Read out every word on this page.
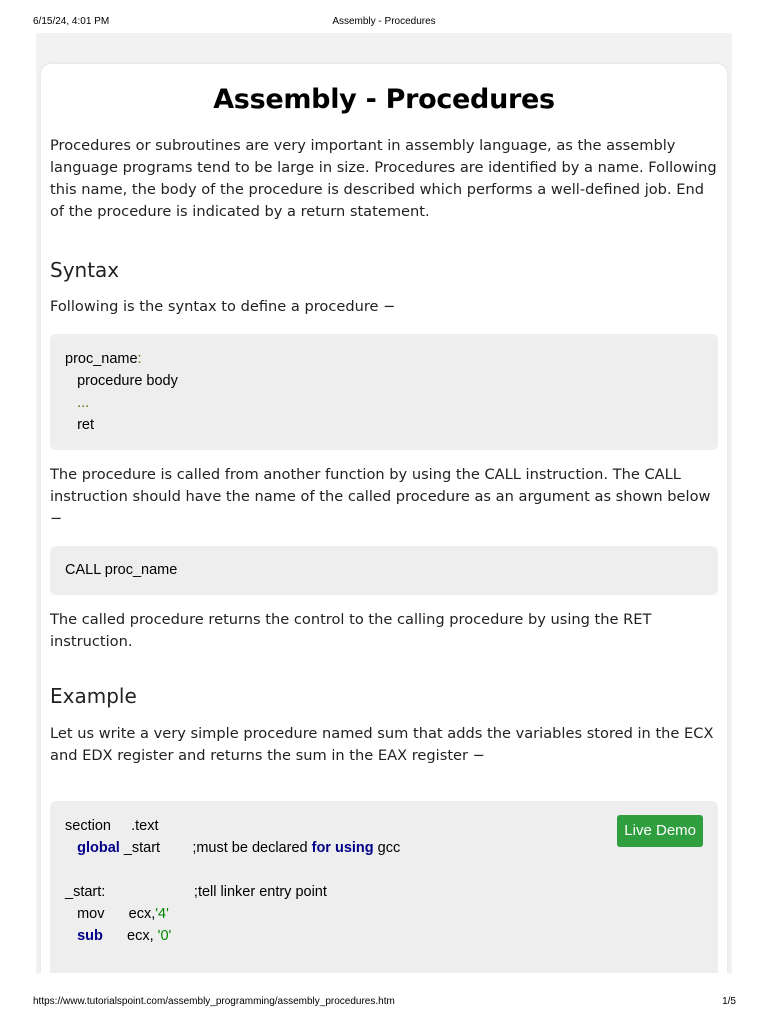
6/15/24, 4:01 PM	Assembly - Procedures
Assembly - Procedures

Procedures or subroutines are very important in assembly language, as the assembly language programs tend to be large in size. Procedures are identified by a name. Following this name, the body of the procedure is described which performs a well-defined job. End of the procedure is indicated by a return statement.

Syntax

Following is the syntax to define a procedure −

proc_name:
procedure body
...
ret

The procedure is called from another function by using the CALL instruction. The CALL instruction should have the name of the called procedure as an argument as shown below −

CALL proc_name

The called procedure returns the control to the calling procedure by using the RET instruction.

Example

Let us write a very simple procedure named sum that adds the variables stored in the ECX and EDX register and returns the sum in the EAX register −

Live Demo
section     .text
global _start        ;must be declared for using gcc
_start:                      ;tell linker entry point
mov      ecx,'4'
sub      ecx, '0'
https://www.tutorialspoint.com/assembly_programming/assembly_procedures.htm	1/5
